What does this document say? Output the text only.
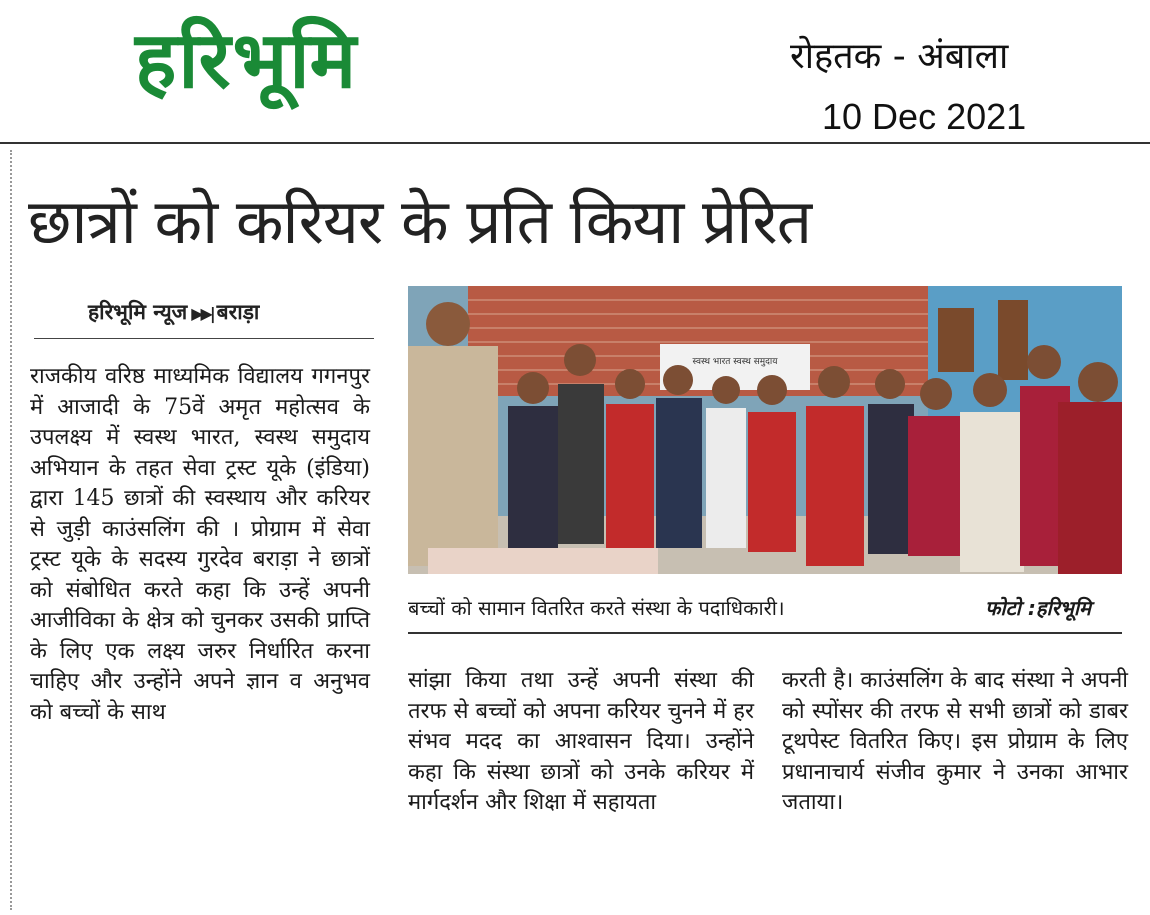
हरिभूमि	रोहतक - अंबाला
10 Dec 2021
छात्रों को करियर के प्रति किया प्रेरित
हरिभूमि न्यूज ▶▶| बराड़ा
राजकीय वरिष्ठ माध्यमिक विद्यालय गगनपुर में आजादी के 75वें अमृत महोत्सव के उपलक्ष्य में स्वस्थ भारत, स्वस्थ समुदाय अभियान के तहत सेवा ट्रस्ट यूके (इंडिया) द्वारा 145 छात्रों की स्वस्थाय और करियर से जुड़ी काउंसलिंग की । प्रोग्राम में सेवा ट्रस्ट यूके के सदस्य गुरदेव बराड़ा ने छात्रों को संबोधित करते कहा कि उन्हें अपनी आजीविका के क्षेत्र को चुनकर उसकी प्राप्ति के लिए एक लक्ष्य जरुर निर्धारित करना चाहिए और उन्होंने अपने ज्ञान व अनुभव को बच्चों के साथ
स्वस्थ भारत स्वस्थ समुदाय
बच्चों को सामान वितरित करते संस्था के पदाधिकारी।	फोटो :हरिभूमि
सांझा किया तथा उन्हें अपनी संस्था की तरफ से बच्चों को अपना करियर चुनने में हर संभव मदद का आश्वासन दिया। उन्होंने कहा कि संस्था छात्रों को उनके करियर में मार्गदर्शन और शिक्षा में सहायता
करती है। काउंसलिंग के बाद संस्था ने अपनी को स्पोंसर की तरफ से सभी छात्रों को डाबर टूथपेस्ट वितरित किए। इस प्रोग्राम के लिए प्रधानाचार्य संजीव कुमार ने उनका आभार जताया।
